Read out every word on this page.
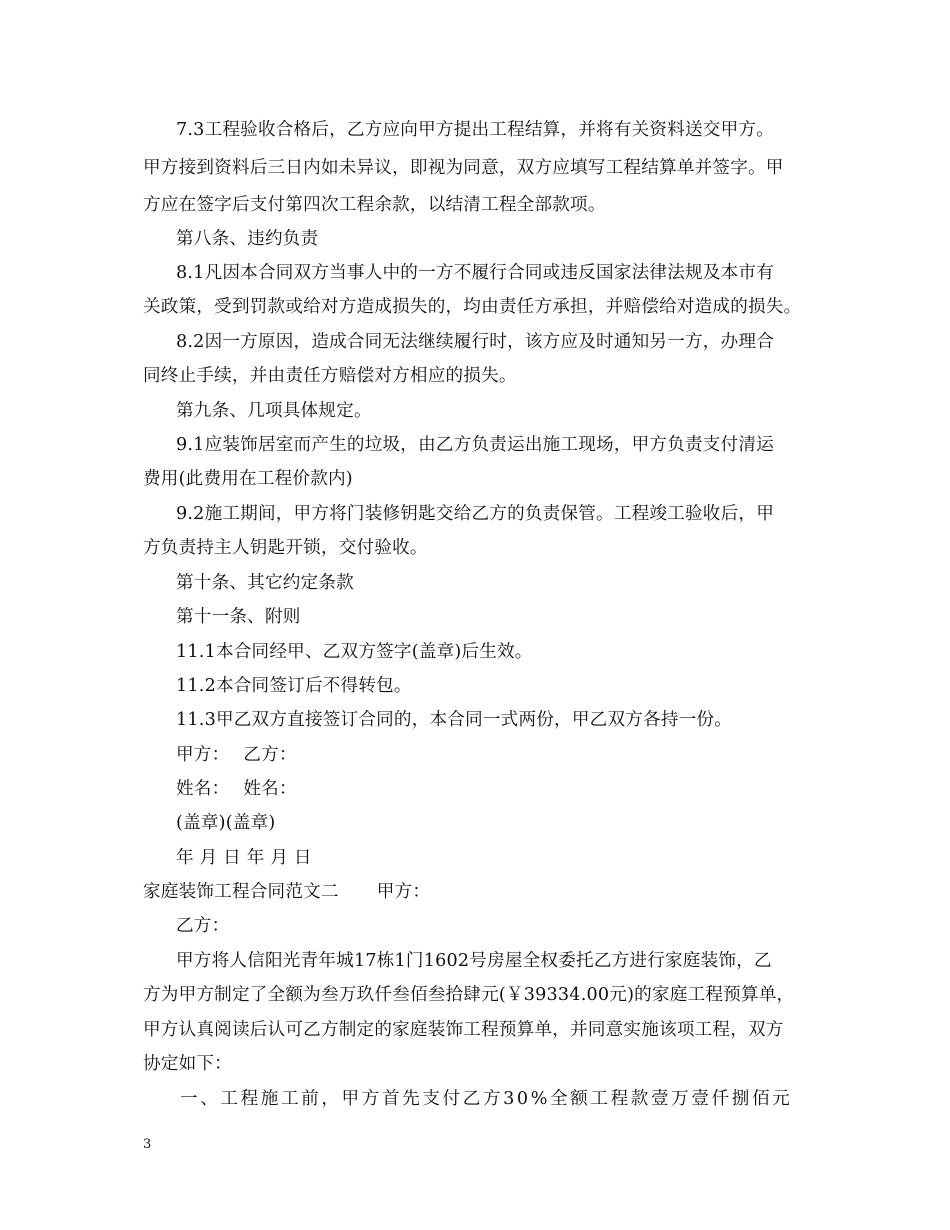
7.3工程验收合格后，乙方应向甲方提出工程结算，并将有关资料送交甲方。
甲方接到资料后三日内如未异议，即视为同意，双方应填写工程结算单并签字。甲
方应在签字后支付第四次工程余款，以结清工程全部款项。
第八条、违约负责
8.1凡因本合同双方当事人中的一方不履行合同或违反国家法律法规及本市有
关政策，受到罚款或给对方造成损失的，均由责任方承担，并赔偿给对造成的损失。
8.2因一方原因，造成合同无法继续履行时，该方应及时通知另一方，办理合
同终止手续，并由责任方赔偿对方相应的损失。
第九条、几项具体规定。
9.1应装饰居室而产生的垃圾，由乙方负责运出施工现场，甲方负责支付清运
费用(此费用在工程价款内)
9.2施工期间，甲方将门装修钥匙交给乙方的负责保管。工程竣工验收后，甲
方负责持主人钥匙开锁，交付验收。
第十条、其它约定条款
第十一条、附则
11.1本合同经甲、乙双方签字(盖章)后生效。
11.2本合同签订后不得转包。
11.3甲乙双方直接签订合同的，本合同一式两份，甲乙双方各持一份。
甲方： 乙方：
姓名： 姓名：
(盖章)(盖章)
年 月 日 年 月 日
家庭装饰工程合同范文二 甲方：
乙方：
甲方将人信阳光青年城17栋1门1602号房屋全权委托乙方进行家庭装饰，乙
方为甲方制定了全额为叁万玖仟叁佰叁拾肆元(￥39334.00元)的家庭工程预算单，
甲方认真阅读后认可乙方制定的家庭装饰工程预算单，并同意实施该项工程，双方
协定如下：
一、工程施工前，甲方首先支付乙方30%全额工程款壹万壹仟捌佰元
3
